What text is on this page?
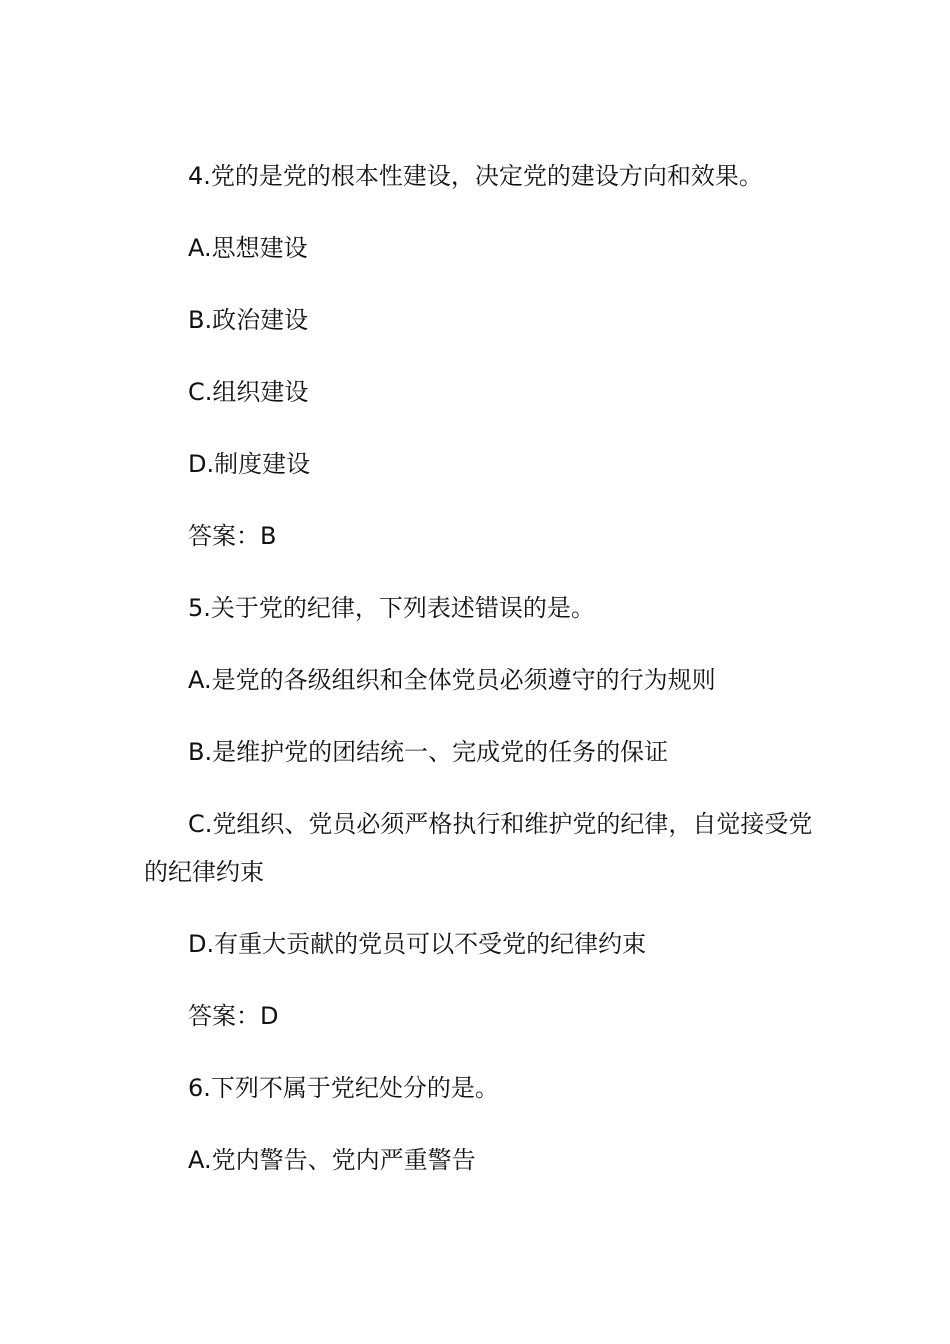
4.党的是党的根本性建设，决定党的建设方向和效果。

A.思想建设

B.政治建设

C.组织建设

D.制度建设

答案：B

5.关于党的纪律，下列表述错误的是。

A.是党的各级组织和全体党员必须遵守的行为规则

B.是维护党的团结统一、完成党的任务的保证

C.党组织、党员必须严格执行和维护党的纪律，自觉接受党的纪律约束

D.有重大贡献的党员可以不受党的纪律约束

答案：D

6.下列不属于党纪处分的是。

A.党内警告、党内严重警告
